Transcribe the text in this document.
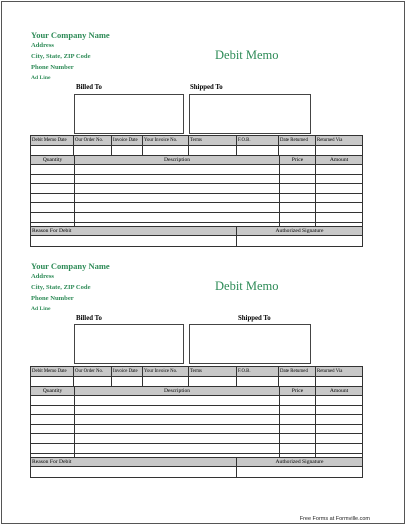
Your Company Name
Address
City, State, ZIP Code
Phone Number
Ad Line
Debit Memo
Billed To	Shipped To
Debit Memo Date	Our Order No.	Invoice Date	Your Invoice No.	Terms	F.O.B.	Date Returned	Returned Via

Quantity	Description	Price	Amount

Reason For Debit	Authorized Signature

Your Company Name
Address
City, State, ZIP Code
Phone Number
Ad Line
Debit Memo
Billed To	Shipped To
Debit Memo Date	Our Order No.	Invoice Date	Your Invoice No.	Terms	F.O.B.	Date Returned	Returned Via

Quantity	Description	Price	Amount

Reason For Debit	Authorized Signature

Free Forms at Formville.com
